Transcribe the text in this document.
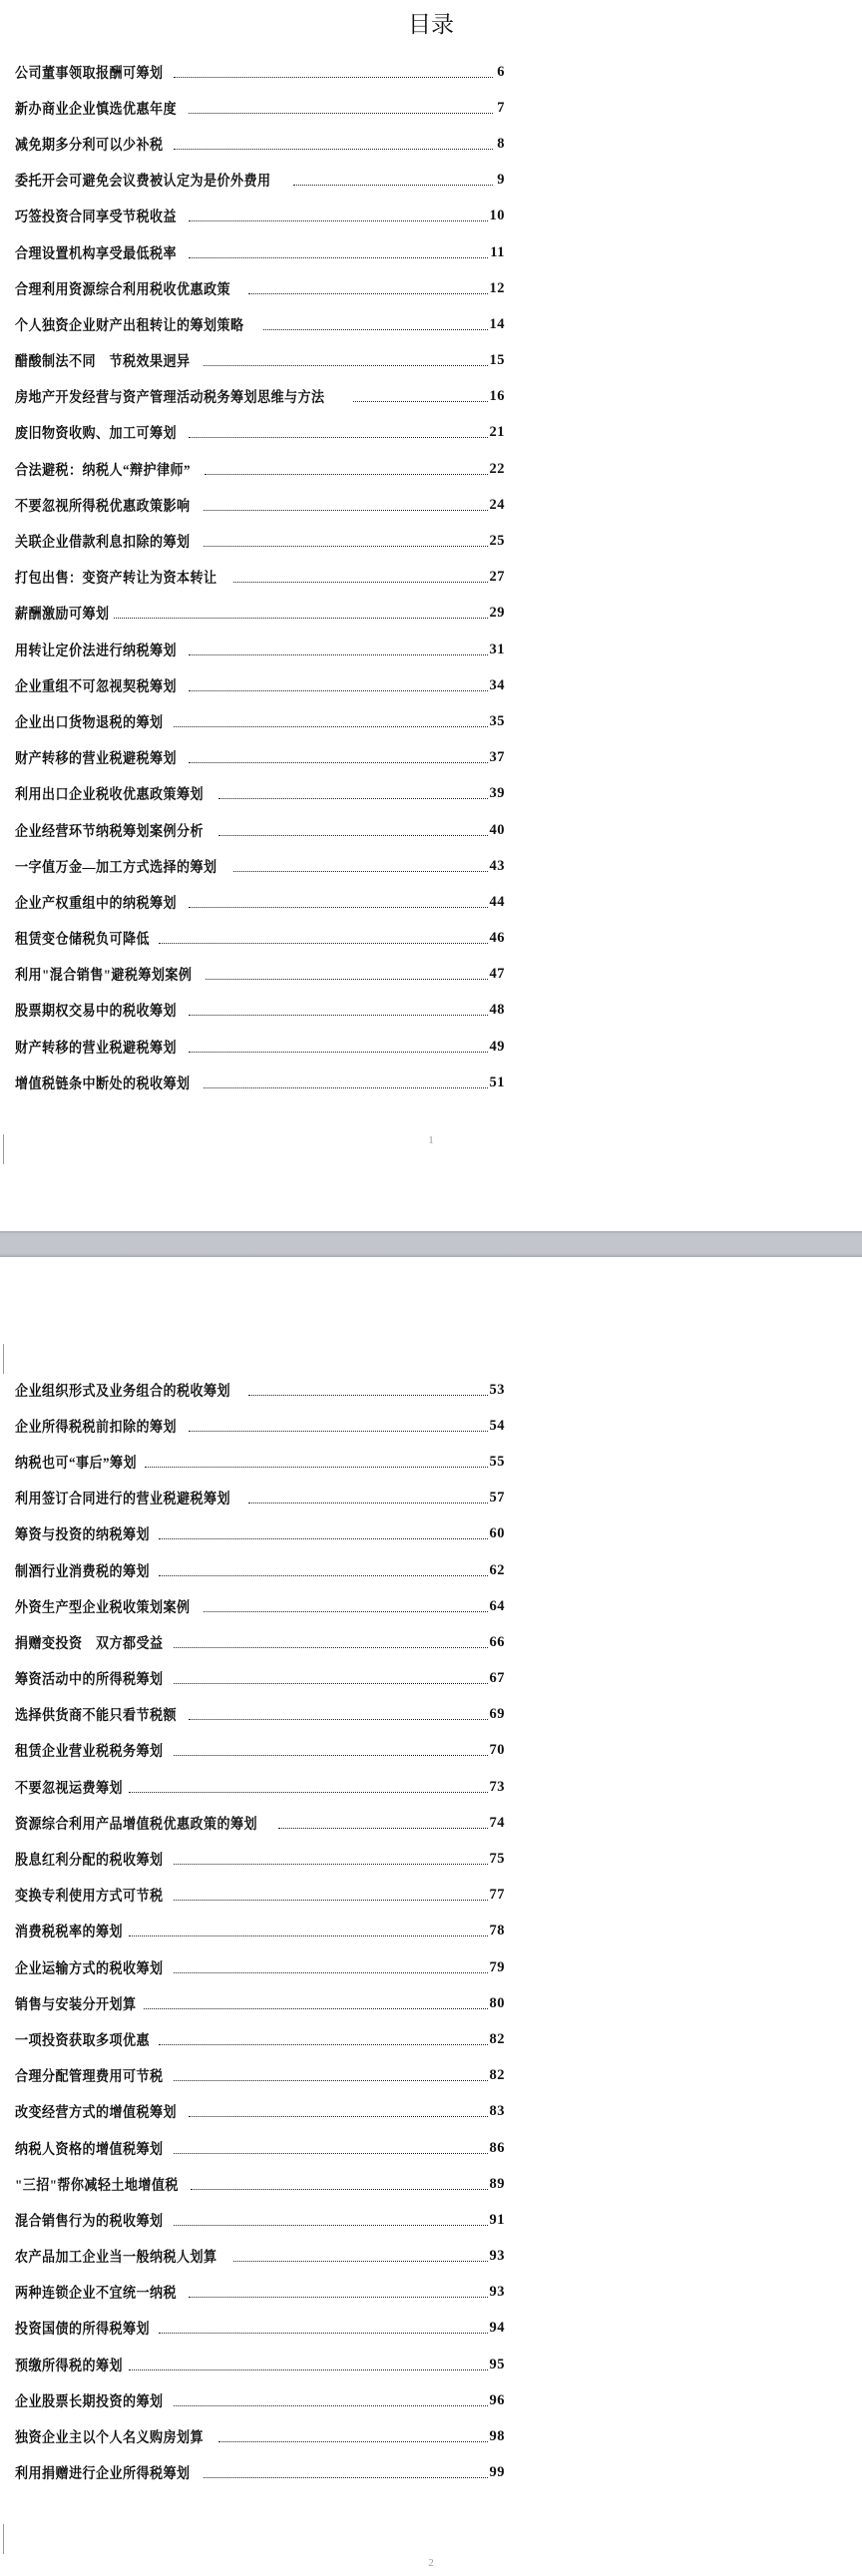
目录
公司董事领取报酬可筹划	6
新办商业企业慎选优惠年度	7
减免期多分利可以少补税	8
委托开会可避免会议费被认定为是价外费用	9
巧签投资合同享受节税收益	10
合理设置机构享受最低税率	11
合理利用资源综合利用税收优惠政策	12
个人独资企业财产出租转让的筹划策略	14
醋酸制法不同　节税效果迥异	15
房地产开发经营与资产管理活动税务筹划思维与方法	16
废旧物资收购、加工可筹划	21
合法避税：纳税人“辩护律师”	22
不要忽视所得税优惠政策影响	24
关联企业借款利息扣除的筹划	25
打包出售：变资产转让为资本转让	27
薪酬激励可筹划	29
用转让定价法进行纳税筹划	31
企业重组不可忽视契税筹划	34
企业出口货物退税的筹划	35
财产转移的营业税避税筹划	37
利用出口企业税收优惠政策筹划	39
企业经营环节纳税筹划案例分析	40
一字值万金—加工方式选择的筹划	43
企业产权重组中的纳税筹划	44
租赁变仓储税负可降低	46
利用"混合销售"避税筹划案例	47
股票期权交易中的税收筹划	48
财产转移的营业税避税筹划	49
增值税链条中断处的税收筹划	51
1
企业组织形式及业务组合的税收筹划	53
企业所得税税前扣除的筹划	54
纳税也可“事后”筹划	55
利用签订合同进行的营业税避税筹划	57
筹资与投资的纳税筹划	60
制酒行业消费税的筹划	62
外资生产型企业税收策划案例	64
捐赠变投资　双方都受益	66
筹资活动中的所得税筹划	67
选择供货商不能只看节税额	69
租赁企业营业税税务筹划	70
不要忽视运费筹划	73
资源综合利用产品增值税优惠政策的筹划	74
股息红利分配的税收筹划	75
变换专利使用方式可节税	77
消费税税率的筹划	78
企业运输方式的税收筹划	79
销售与安装分开划算	80
一项投资获取多项优惠	82
合理分配管理费用可节税	82
改变经营方式的增值税筹划	83
纳税人资格的增值税筹划	86
"三招"帮你减轻土地增值税	89
混合销售行为的税收筹划	91
农产品加工企业当一般纳税人划算	93
两种连锁企业不宜统一纳税	93
投资国债的所得税筹划	94
预缴所得税的筹划	95
企业股票长期投资的筹划	96
独资企业主以个人名义购房划算	98
利用捐赠进行企业所得税筹划	99
2
